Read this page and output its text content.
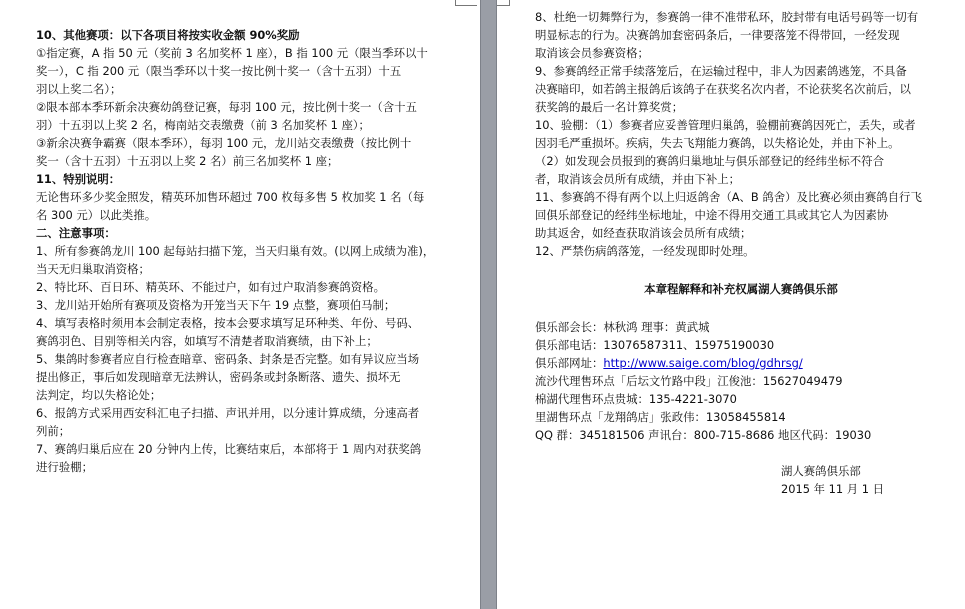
10、其他赛项：以下各项目将按实收金额 90%奖励
①指定赛，A 指 50 元（奖前 3 名加奖杯 1 座），B 指 100 元（限当季环以十
奖一），C 指 200 元（限当季环以十奖一按比例十奖一（含十五羽）十五
羽以上奖二名）；
②限本部本季环新余决赛幼鸽登记赛，每羽 100 元，按比例十奖一（含十五
羽）十五羽以上奖 2 名，梅南站交表缴费（前 3 名加奖杯 1 座）；
③新余决赛争霸赛（限本季环），每羽 100 元，龙川站交表缴费（按比例十
奖一（含十五羽）十五羽以上奖 2 名）前三名加奖杯 1 座；
11、特别说明：
无论售环多少奖金照发，精英环加售环超过 700 枚每多售 5 枚加奖 1 名（每
名 300 元）以此类推。
二、注意事项：
1、所有参赛鸽龙川 100 起每站扫描下笼，当天归巢有效。(以网上成绩为准)，
当天无归巢取消资格；
2、特比环、百日环、精英环、不能过户，如有过户取消参赛鸽资格。
3、龙川站开始所有赛项及资格为开笼当天下午 19 点整，赛项伯马制；
4、填写表格时须用本会制定表格，按本会要求填写足环种类、年份、号码、
赛鸽羽色、目别等相关内容，如填写不清楚者取消赛绩，由下补上；
5、集鸽时参赛者应自行检查暗章、密码条、封条是否完整。如有异议应当场
提出修正，事后如发现暗章无法辨认，密码条或封条断落、遗失、损坏无
法判定，均以失格论处；
6、报鸽方式采用西安科汇电子扫描、声讯并用，以分速计算成绩，分速高者
列前；
7、赛鸽归巢后应在 20 分钟内上传，比赛结束后，本部将于 1 周内对获奖鸽
进行验棚；
8、杜绝一切舞弊行为，参赛鸽一律不准带私环，胶封带有电话号码等一切有
明显标志的行为。决赛鸽加套密码条后，一律要落笼不得带回，一经发现
取消该会员参赛资格；
9、参赛鸽经正常手续落笼后，在运输过程中，非人为因素鸽逃笼，不具备
决赛暗印，如若鸽主报鸽后该鸽子在获奖名次内者，不论获奖名次前后，以
获奖鸽的最后一名计算奖赏；
10、验棚：（1）参赛者应妥善管理归巢鸽，验棚前赛鸽因死亡，丢失，或者
因羽毛严重损坏。疾病，失去飞翔能力赛鸽，以失格论处，并由下补上。
（2）如发现会员报到的赛鸽归巢地址与俱乐部登记的经纬坐标不符合
者，取消该会员所有成绩，并由下补上；
11、参赛鸽不得有两个以上归返鸽舍（A、B 鸽舍）及比赛必须由赛鸽自行飞
回俱乐部登记的经纬坐标地址，中途不得用交通工具或其它人为因素协
助其返舍，如经查获取消该会员所有成绩；
12、严禁伤病鸽落笼，一经发现即时处理。
本章程解释和补充权属湖人赛鸽俱乐部
俱乐部会长：林秋鸿 理事：黄武城
俱乐部电话：13076587311、15975190030
俱乐部网址：http://www.saige.com/blog/gdhrsg/
流沙代理售环点「后坛文竹路中段」江俊池：15627049479
棉湖代理售环点贵城：135-4221-3070
里湖售环点「龙翔鸽店」张政伟：13058455814
QQ 群：345181506 声讯台：800-715-8686 地区代码：19030
湖人赛鸽俱乐部
2015 年 11 月 1 日
